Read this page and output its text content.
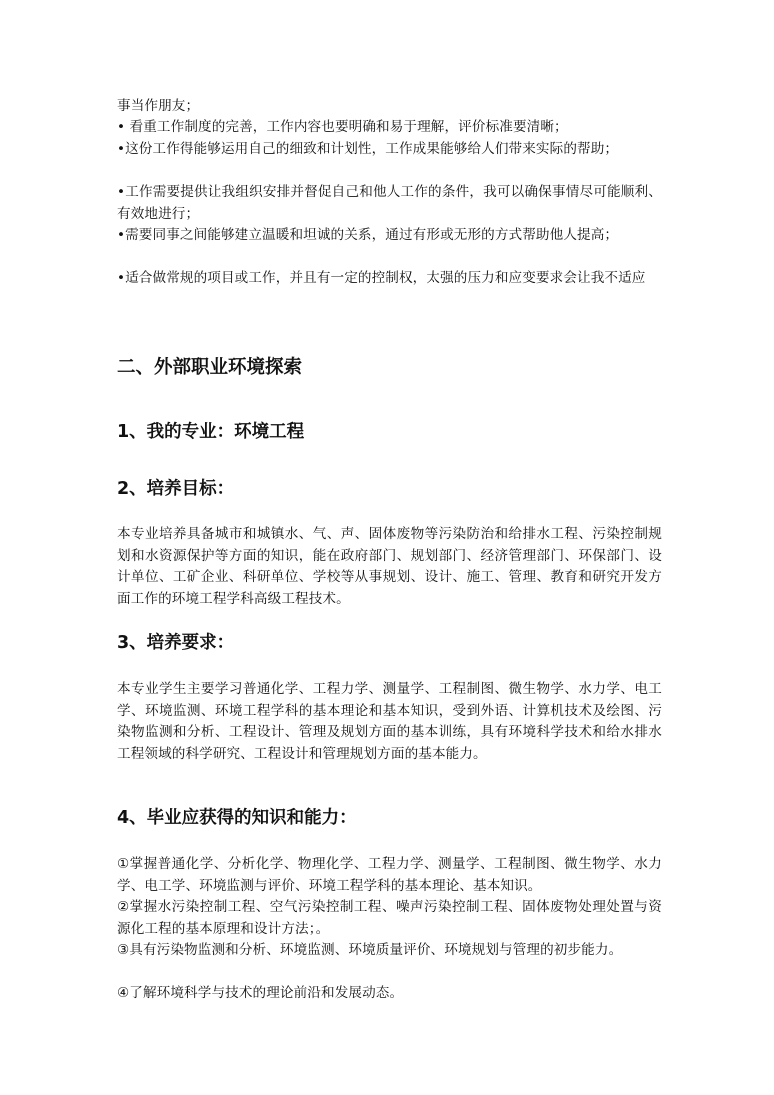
事当作朋友；

• 看重工作制度的完善，工作内容也要明确和易于理解，评价标准要清晰；

•这份工作得能够运用自己的细致和计划性，工作成果能够给人们带来实际的帮助；

•工作需要提供让我组织安排并督促自己和他人工作的条件，我可以确保事情尽可能顺利、有效地进行；

•需要同事之间能够建立温暖和坦诚的关系，通过有形或无形的方式帮助他人提高；

•适合做常规的项目或工作，并且有一定的控制权，太强的压力和应变要求会让我不适应

二、外部职业环境探索
1、我的专业：环境工程
2、培养目标：

本专业培养具备城市和城镇水、气、声、固体废物等污染防治和给排水工程、污染控制规划和水资源保护等方面的知识，能在政府部门、规划部门、经济管理部门、环保部门、设计单位、工矿企业、科研单位、学校等从事规划、设计、施工、管理、教育和研究开发方面工作的环境工程学科高级工程技术。

3、培养要求：

本专业学生主要学习普通化学、工程力学、测量学、工程制图、微生物学、水力学、电工学、环境监测、环境工程学科的基本理论和基本知识，受到外语、计算机技术及绘图、污染物监测和分析、工程设计、管理及规划方面的基本训练，具有环境科学技术和给水排水工程领域的科学研究、工程设计和管理规划方面的基本能力。

4、毕业应获得的知识和能力：

①掌握普通化学、分析化学、物理化学、工程力学、测量学、工程制图、微生物学、水力学、电工学、环境监测与评价、环境工程学科的基本理论、基本知识。

②掌握水污染控制工程、空气污染控制工程、噪声污染控制工程、固体废物处理处置与资源化工程的基本原理和设计方法；。

③具有污染物监测和分析、环境监测、环境质量评价、环境规划与管理的初步能力。

④了解环境科学与技术的理论前沿和发展动态。
